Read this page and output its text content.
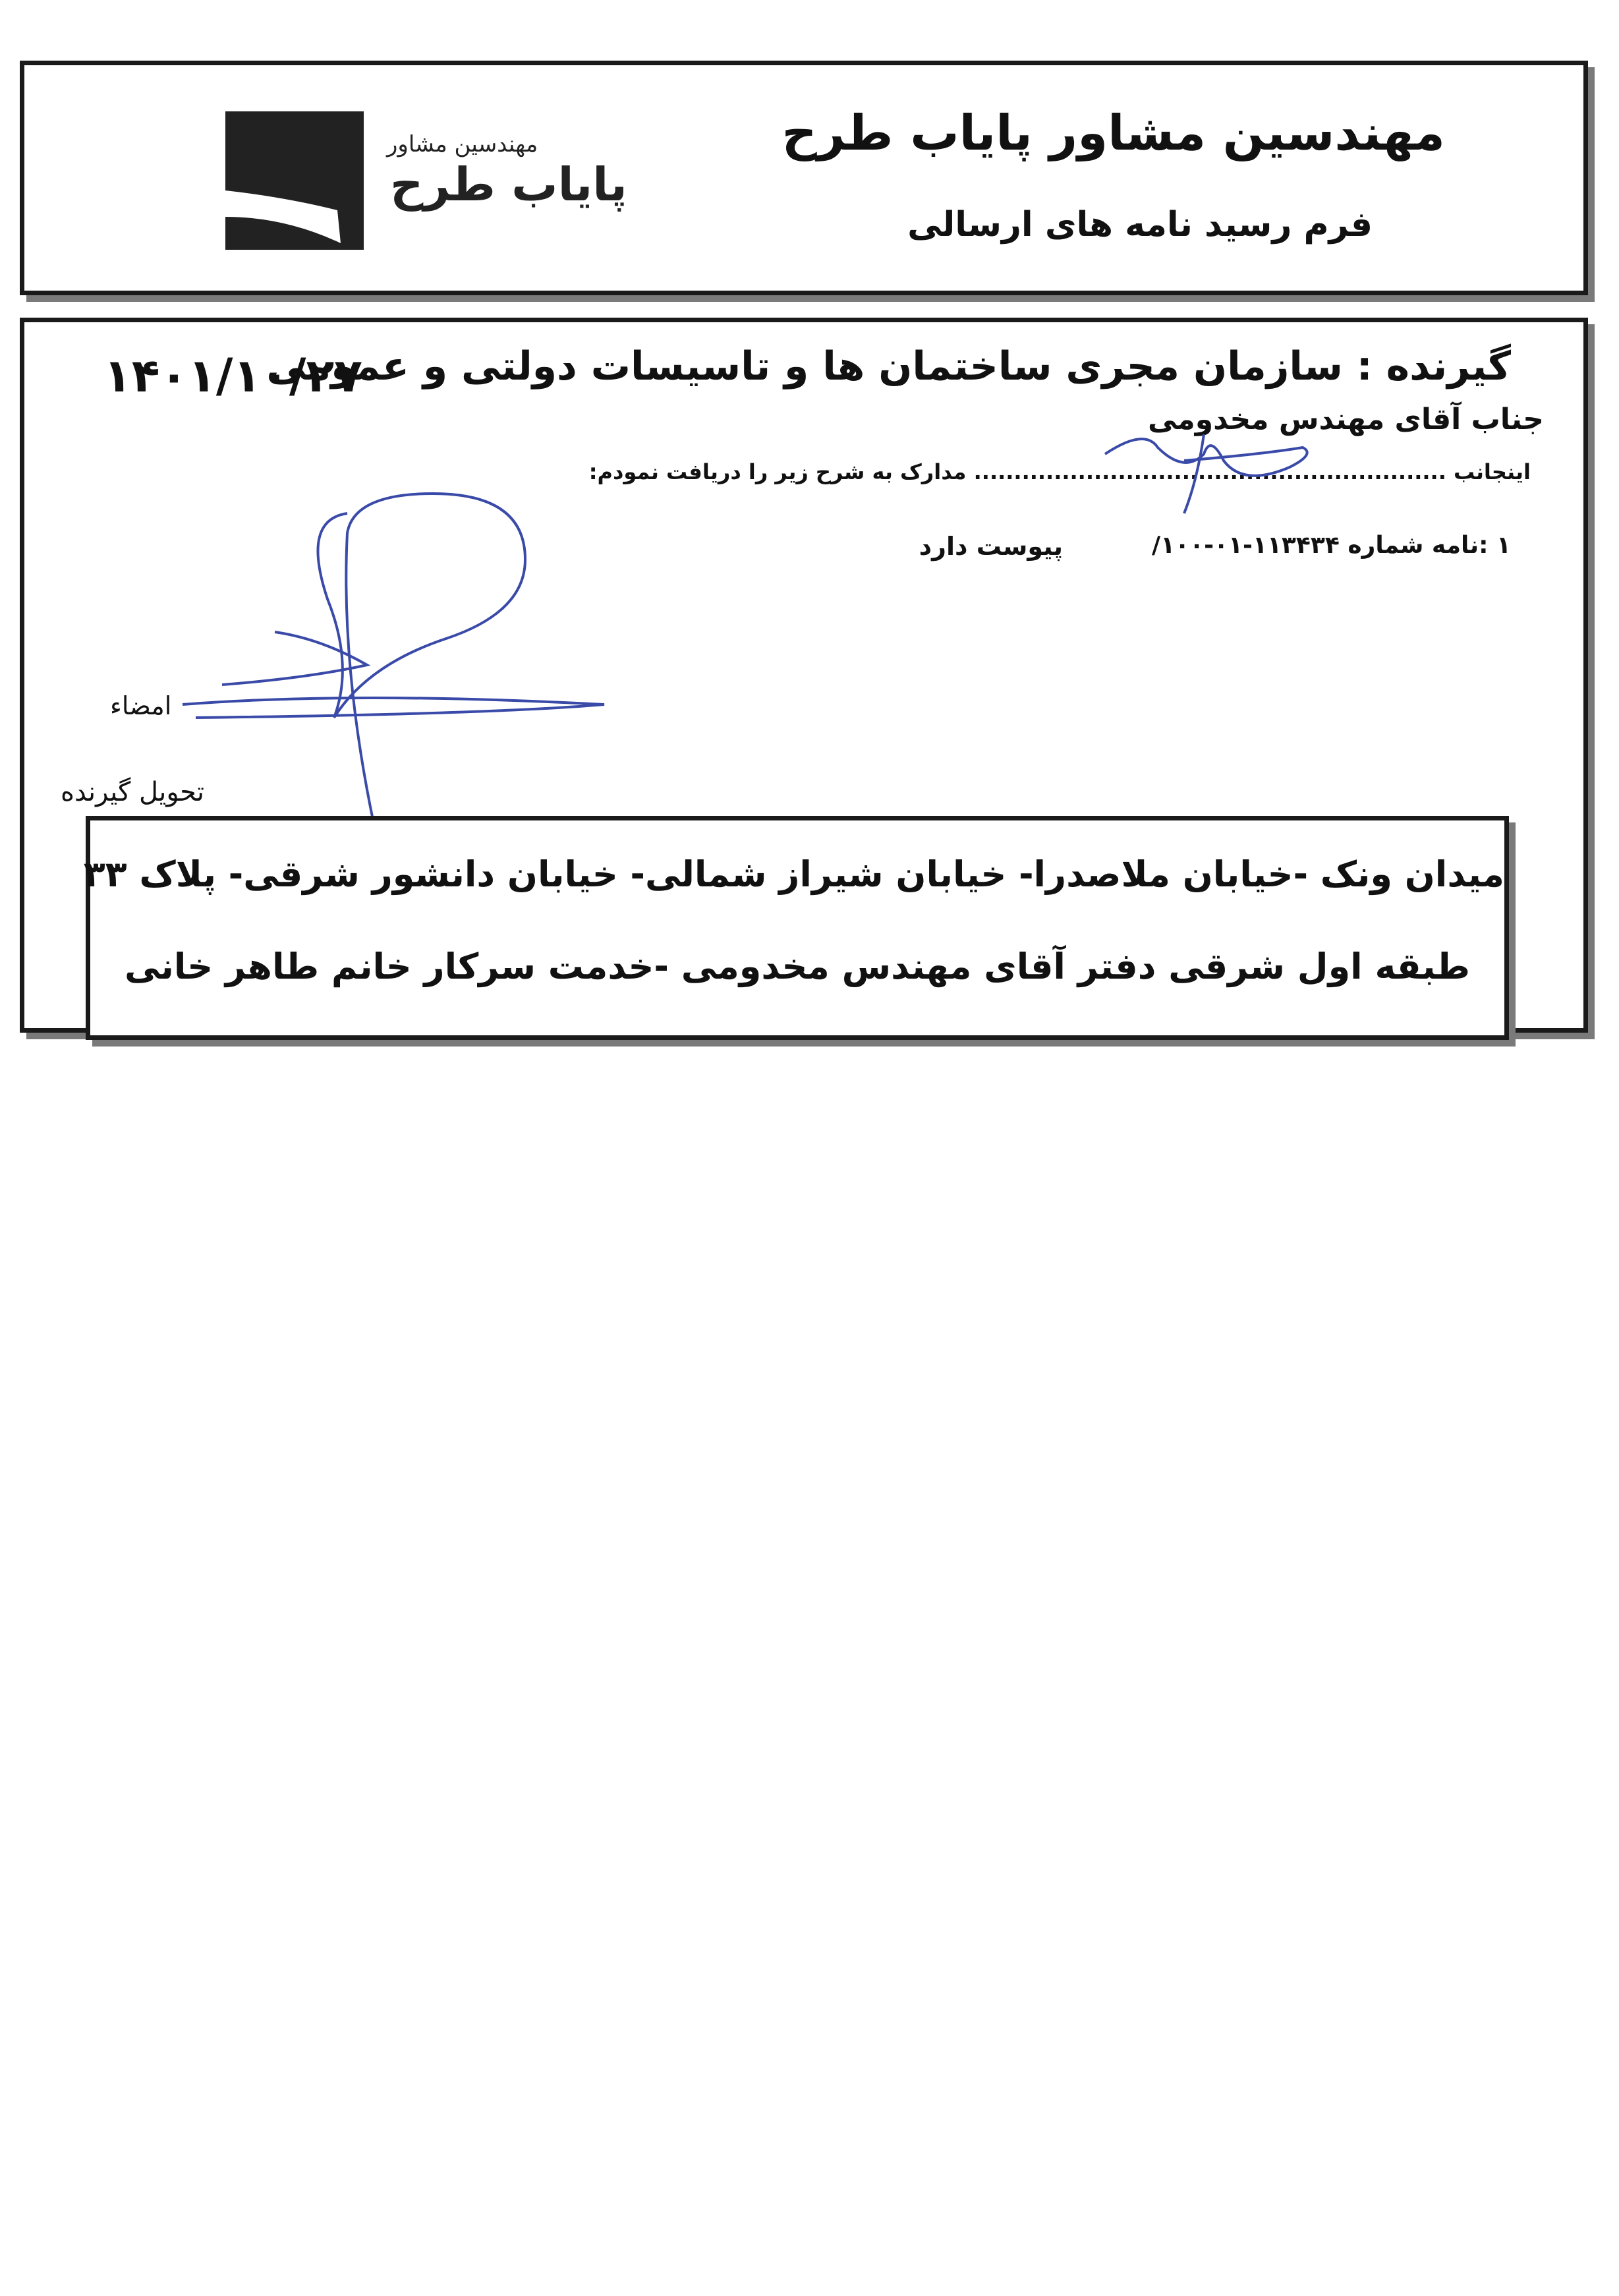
مهندسین مشاور پایاب طرح
فرم رسید نامه های ارسالی
مهندسین مشاور
پایاب طرح
۱۴۰۱/۱۰/۲۷
گیرنده : سازمان مجری ساختمان ها و تاسیسات دولتی و عمومی
جناب آقای مهندس مخدومی
اینجانب ........................................................... مدارک به شرح زیر را دریافت نمودم:
۱ :نامه شماره ۱۱۳۴۳۴-۰۱-۱۰۰/
پیوست دارد
امضاء
تحویل گیرنده
میدان ونک -خیابان ملاصدرا- خیابان شیراز شمالی- خیابان دانشور شرقی- پلاک ۳۳
طبقه اول شرقی دفتر آقای مهندس مخدومی -خدمت سرکار خانم طاهر خانی
